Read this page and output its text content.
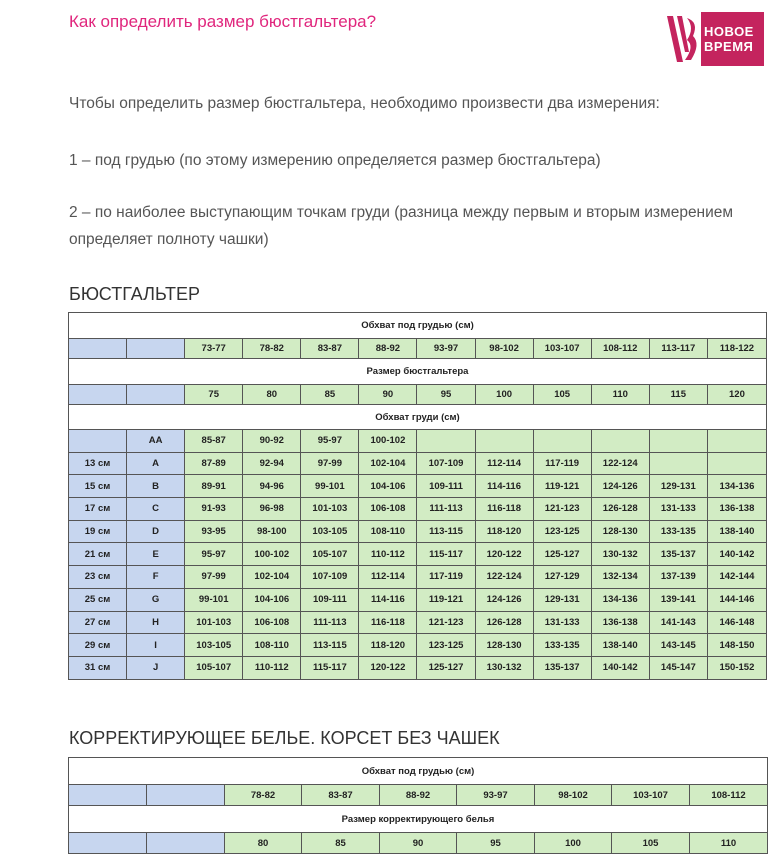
Как определить размер бюстгальтера?
НОВОЕ
ВРЕМЯ
Чтобы определить размер бюстгальтера, необходимо произвести два измерения:
1 – под грудью (по этому измерению определяется размер бюстгальтера)
2 – по наиболее выступающим точкам груди (разница между первым и вторым измерением определяет полноту чашки)
БЮСТГАЛЬТЕР
Обхват под грудью (см)											
		73-77	78-82	83-87	88-92	93-97	98-102	103-107	108-112	113-117	118-122
Размер бюстгальтера											
		75	80	85	90	95	100	105	110	115	120
Обхват груди (см)											
	AA	85-87	90-92	95-97	100-102						
13 см	A	87-89	92-94	97-99	102-104	107-109	112-114	117-119	122-124		
15 см	B	89-91	94-96	99-101	104-106	109-111	114-116	119-121	124-126	129-131	134-136
17 см	C	91-93	96-98	101-103	106-108	111-113	116-118	121-123	126-128	131-133	136-138
19 см	D	93-95	98-100	103-105	108-110	113-115	118-120	123-125	128-130	133-135	138-140
21 см	E	95-97	100-102	105-107	110-112	115-117	120-122	125-127	130-132	135-137	140-142
23 см	F	97-99	102-104	107-109	112-114	117-119	122-124	127-129	132-134	137-139	142-144
25 см	G	99-101	104-106	109-111	114-116	119-121	124-126	129-131	134-136	139-141	144-146
27 см	H	101-103	106-108	111-113	116-118	121-123	126-128	131-133	136-138	141-143	146-148
29 см	I	103-105	108-110	113-115	118-120	123-125	128-130	133-135	138-140	143-145	148-150
31 см	J	105-107	110-112	115-117	120-122	125-127	130-132	135-137	140-142	145-147	150-152
КОРРЕКТИРУЮЩЕЕ БЕЛЬЕ. КОРСЕТ БЕЗ ЧАШЕК
Обхват под грудью (см)								
		78-82	83-87	88-92	93-97	98-102	103-107	108-112
Размер корректирующего белья								
		80	85	90	95	100	105	110
